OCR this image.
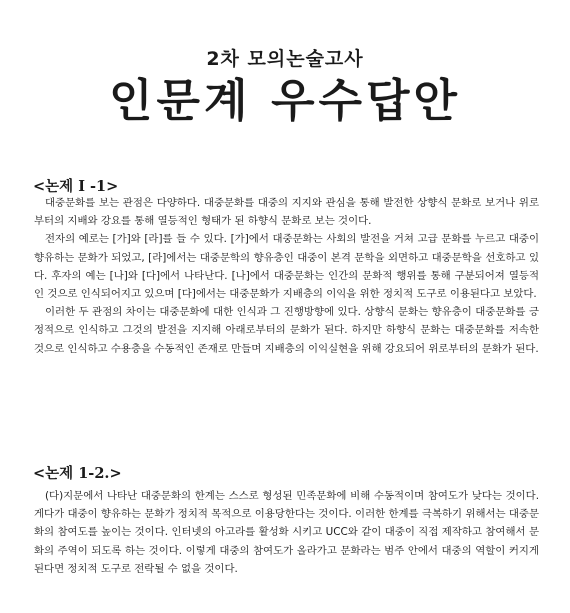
2차 모의논술고사
인문계 우수답안
<논제 I -1>

대중문화를 보는 관점은 다양하다. 대중문화를 대중의 지지와 관심을 통해 발전한 상향식 문화로 보거나 위로부터의 지배와 강요를 통해 열등적인 형태가 된 하향식 문화로 보는 것이다.

전자의 예로는 [가]와 [라]를 들 수 있다. [가]에서 대중문화는 사회의 발전을 거쳐 고급 문화를 누르고 대중이 향유하는 문화가 되었고, [라]에서는 대중문학의 향유층인 대중이 본격 문학을 외면하고 대중문학을 선호하고 있다. 후자의 예는 [나]와 [다]에서 나타난다. [나]에서 대중문화는 인간의 문화적 행위를 통해 구분되어져 열등적인 것으로 인식되어지고 있으며 [다]에서는 대중문화가 지배층의 이익을 위한 정치적 도구로 이용된다고 보았다.

이러한 두 관점의 차이는 대중문화에 대한 인식과 그 진행방향에 있다. 상향식 문화는 향유층이 대중문화를 긍정적으로 인식하고 그것의 발전을 지지해 아래로부터의 문화가 된다. 하지만 하향식 문화는 대중문화를 저속한 것으로 인식하고 수용층을 수동적인 존재로 만들며 지배층의 이익실현을 위해 강요되어 위로부터의 문화가 된다.

<논제 1-2.>

(다)지문에서 나타난 대중문화의 한계는 스스로 형성된 민족문화에 비해 수동적이며 참여도가 낮다는 것이다. 게다가 대중이 향유하는 문화가 정치적 목적으로 이용당한다는 것이다. 이러한 한계를 극복하기 위해서는 대중문화의 참여도를 높이는 것이다. 인터넷의 아고라를 활성화 시키고 UCC와 같이 대중이 직접 제작하고 참여해서 문화의 주역이 되도록 하는 것이다. 이렇게 대중의 참여도가 올라가고 문화라는 범주 안에서 대중의 역할이 커지게 된다면 정치적 도구로 전락될 수 없을 것이다.
